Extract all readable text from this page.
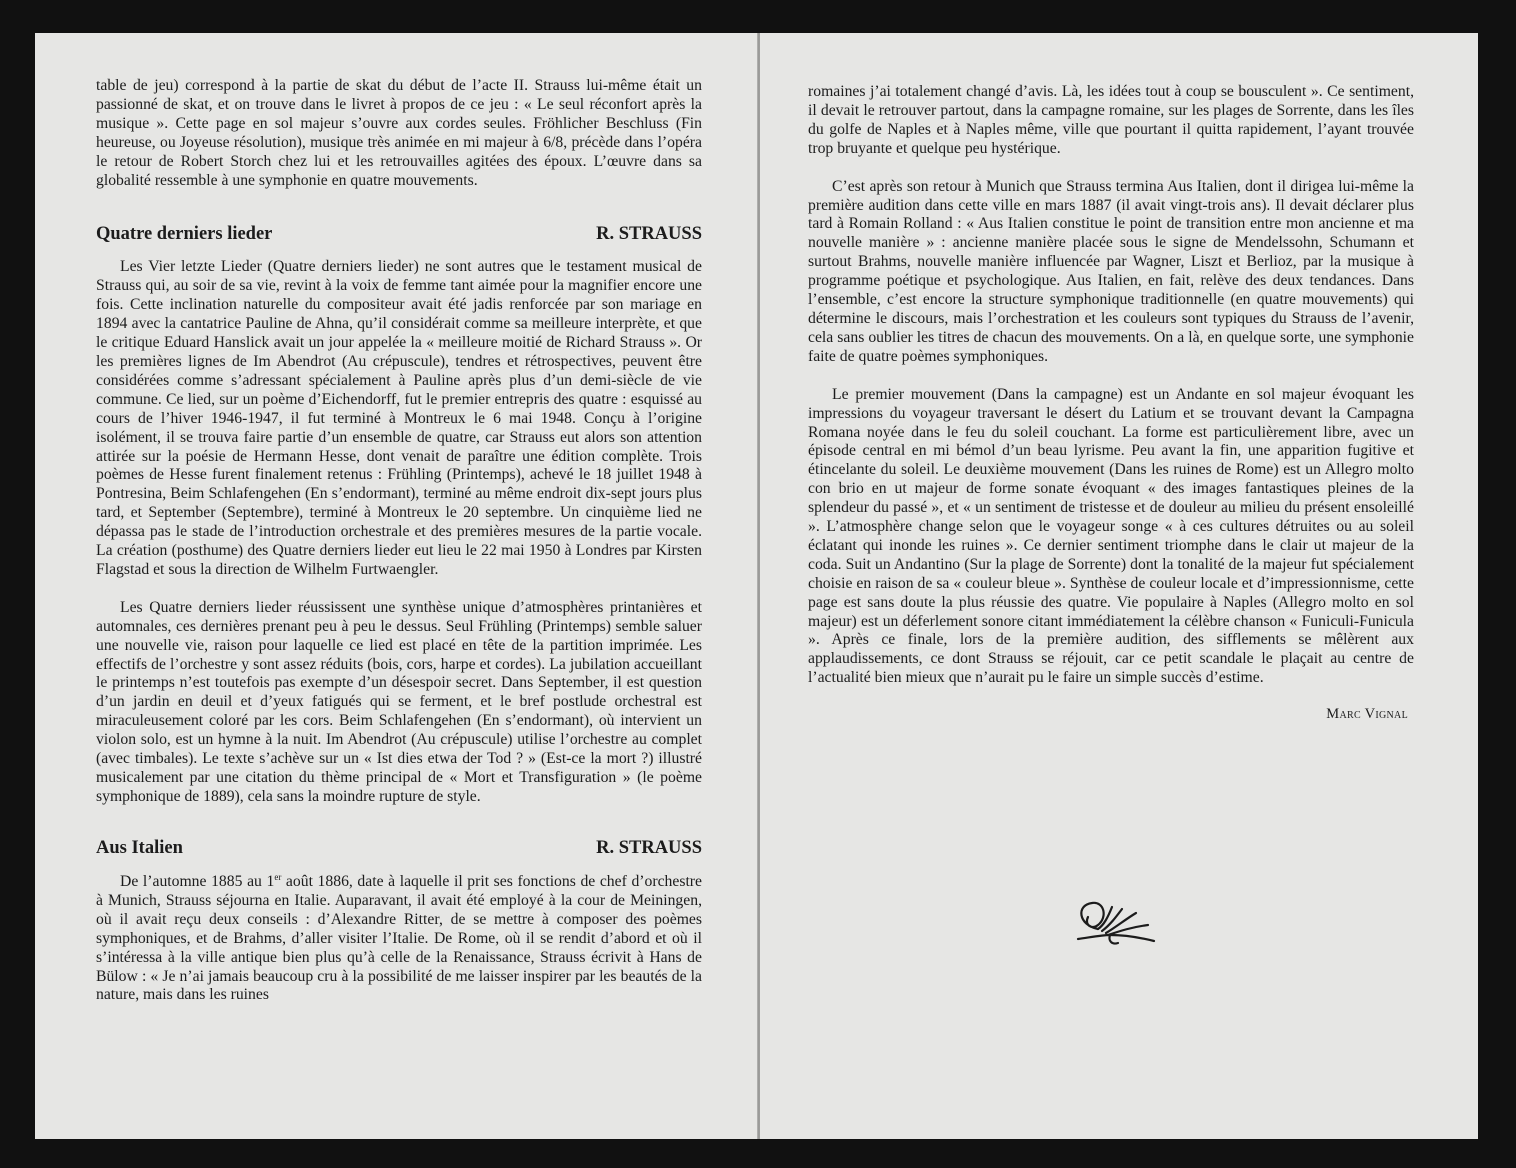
table de jeu) correspond à la partie de skat du début de l’acte II. Strauss lui-même était un passionné de skat, et on trouve dans le livret à propos de ce jeu : « Le seul réconfort après la musique ». Cette page en sol majeur s’ouvre aux cordes seules. Fröhlicher Beschluss (Fin heureuse, ou Joyeuse résolution), musique très animée en mi majeur à 6/8, précède dans l’opéra le retour de Robert Storch chez lui et les retrouvailles agitées des époux. L’œuvre dans sa globalité ressemble à une symphonie en quatre mouvements.

Quatre derniers lieder	R. STRAUSS

Les Vier letzte Lieder (Quatre derniers lieder) ne sont autres que le testament musical de Strauss qui, au soir de sa vie, revint à la voix de femme tant aimée pour la magnifier encore une fois. Cette inclination naturelle du compositeur avait été jadis renforcée par son mariage en 1894 avec la cantatrice Pauline de Ahna, qu’il considérait comme sa meilleure interprète, et que le critique Eduard Hanslick avait un jour appelée la « meilleure moitié de Richard Strauss ». Or les premières lignes de Im Abendrot (Au crépuscule), tendres et rétrospectives, peuvent être considérées comme s’adressant spécialement à Pauline après plus d’un demi-siècle de vie commune. Ce lied, sur un poème d’Eichendorff, fut le premier entrepris des quatre : esquissé au cours de l’hiver 1946-1947, il fut terminé à Montreux le 6 mai 1948. Conçu à l’origine isolément, il se trouva faire partie d’un ensemble de quatre, car Strauss eut alors son attention attirée sur la poésie de Hermann Hesse, dont venait de paraître une édition complète. Trois poèmes de Hesse furent finalement retenus : Frühling (Printemps), achevé le 18 juillet 1948 à Pontresina, Beim Schlafengehen (En s’endormant), terminé au même endroit dix-sept jours plus tard, et September (Septembre), terminé à Montreux le 20 septembre. Un cinquième lied ne dépassa pas le stade de l’introduction orchestrale et des premières mesures de la partie vocale. La création (posthume) des Quatre derniers lieder eut lieu le 22 mai 1950 à Londres par Kirsten Flagstad et sous la direction de Wilhelm Furtwaengler.

Les Quatre derniers lieder réussissent une synthèse unique d’atmosphères printanières et automnales, ces dernières prenant peu à peu le dessus. Seul Frühling (Printemps) semble saluer une nouvelle vie, raison pour laquelle ce lied est placé en tête de la partition imprimée. Les effectifs de l’orchestre y sont assez réduits (bois, cors, harpe et cordes). La jubilation accueillant le printemps n’est toutefois pas exempte d’un désespoir secret. Dans September, il est question d’un jardin en deuil et d’yeux fatigués qui se ferment, et le bref postlude orchestral est miraculeusement coloré par les cors. Beim Schlafengehen (En s’endormant), où intervient un violon solo, est un hymne à la nuit. Im Abendrot (Au crépuscule) utilise l’orchestre au complet (avec timbales). Le texte s’achève sur un « Ist dies etwa der Tod ? » (Est-ce la mort ?) illustré musicalement par une citation du thème principal de « Mort et Transfiguration » (le poème symphonique de 1889), cela sans la moindre rupture de style.

Aus Italien	R. STRAUSS

De l’automne 1885 au 1er août 1886, date à laquelle il prit ses fonctions de chef d’orchestre à Munich, Strauss séjourna en Italie. Auparavant, il avait été employé à la cour de Meiningen, où il avait reçu deux conseils : d’Alexandre Ritter, de se mettre à composer des poèmes symphoniques, et de Brahms, d’aller visiter l’Italie. De Rome, où il se rendit d’abord et où il s’intéressa à la ville antique bien plus qu’à celle de la Renaissance, Strauss écrivit à Hans de Bülow : « Je n’ai jamais beaucoup cru à la possibilité de me laisser inspirer par les beautés de la nature, mais dans les ruines

romaines j’ai totalement changé d’avis. Là, les idées tout à coup se bousculent ». Ce sentiment, il devait le retrouver partout, dans la campagne romaine, sur les plages de Sorrente, dans les îles du golfe de Naples et à Naples même, ville que pourtant il quitta rapidement, l’ayant trouvée trop bruyante et quelque peu hystérique.

C’est après son retour à Munich que Strauss termina Aus Italien, dont il dirigea lui-même la première audition dans cette ville en mars 1887 (il avait vingt-trois ans). Il devait déclarer plus tard à Romain Rolland : « Aus Italien constitue le point de transition entre mon ancienne et ma nouvelle manière » : ancienne manière placée sous le signe de Mendelssohn, Schumann et surtout Brahms, nouvelle manière influencée par Wagner, Liszt et Berlioz, par la musique à programme poétique et psychologique. Aus Italien, en fait, relève des deux tendances. Dans l’ensemble, c’est encore la structure symphonique traditionnelle (en quatre mouvements) qui détermine le discours, mais l’orchestration et les couleurs sont typiques du Strauss de l’avenir, cela sans oublier les titres de chacun des mouvements. On a là, en quelque sorte, une symphonie faite de quatre poèmes symphoniques.

Le premier mouvement (Dans la campagne) est un Andante en sol majeur évoquant les impressions du voyageur traversant le désert du Latium et se trouvant devant la Campagna Romana noyée dans le feu du soleil couchant. La forme est particulièrement libre, avec un épisode central en mi bémol d’un beau lyrisme. Peu avant la fin, une apparition fugitive et étincelante du soleil. Le deuxième mouvement (Dans les ruines de Rome) est un Allegro molto con brio en ut majeur de forme sonate évoquant « des images fantastiques pleines de la splendeur du passé », et « un sentiment de tristesse et de douleur au milieu du présent ensoleillé ». L’atmosphère change selon que le voyageur songe « à ces cultures détruites ou au soleil éclatant qui inonde les ruines ». Ce dernier sentiment triomphe dans le clair ut majeur de la coda. Suit un Andantino (Sur la plage de Sorrente) dont la tonalité de la majeur fut spécialement choisie en raison de sa « couleur bleue ». Synthèse de couleur locale et d’impressionnisme, cette page est sans doute la plus réussie des quatre. Vie populaire à Naples (Allegro molto en sol majeur) est un déferlement sonore citant immédiatement la célèbre chanson « Funiculi-Funicula ». Après ce finale, lors de la première audition, des sifflements se mêlèrent aux applaudissements, ce dont Strauss se réjouit, car ce petit scandale le plaçait au centre de l’actualité bien mieux que n’aurait pu le faire un simple succès d’estime.

Marc Vignal
